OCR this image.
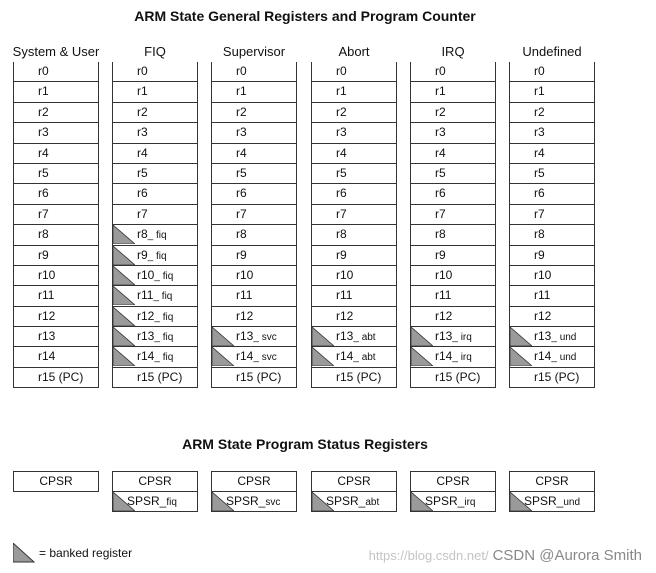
ARM State General Registers and Program Counter
System & User
r0
r1
r2
r3
r4
r5
r6
r7
r8
r9
r10
r11
r12
r13
r14
r15 (PC)
FIQ
r0
r1
r2
r3
r4
r5
r6
r7
r8_ fiq
r9_ fiq
r10_ fiq
r11_ fiq
r12_ fiq
r13_ fiq
r14_ fiq
r15 (PC)
Supervisor
r0
r1
r2
r3
r4
r5
r6
r7
r8
r9
r10
r11
r12
r13_ svc
r14_ svc
r15 (PC)
Abort
r0
r1
r2
r3
r4
r5
r6
r7
r8
r9
r10
r11
r12
r13_ abt
r14_ abt
r15 (PC)
IRQ
r0
r1
r2
r3
r4
r5
r6
r7
r8
r9
r10
r11
r12
r13_ irq
r14_ irq
r15 (PC)
Undefined
r0
r1
r2
r3
r4
r5
r6
r7
r8
r9
r10
r11
r12
r13_ und
r14_ und
r15 (PC)
ARM State Program Status Registers
CPSR	CPSR
SPSR_fiq
CPSR
SPSR_svc
CPSR
SPSR_abt
CPSR
SPSR_irq
CPSR
SPSR_und
= banked register	https://blog.csdn.net/ CSDN @Aurora Smith
